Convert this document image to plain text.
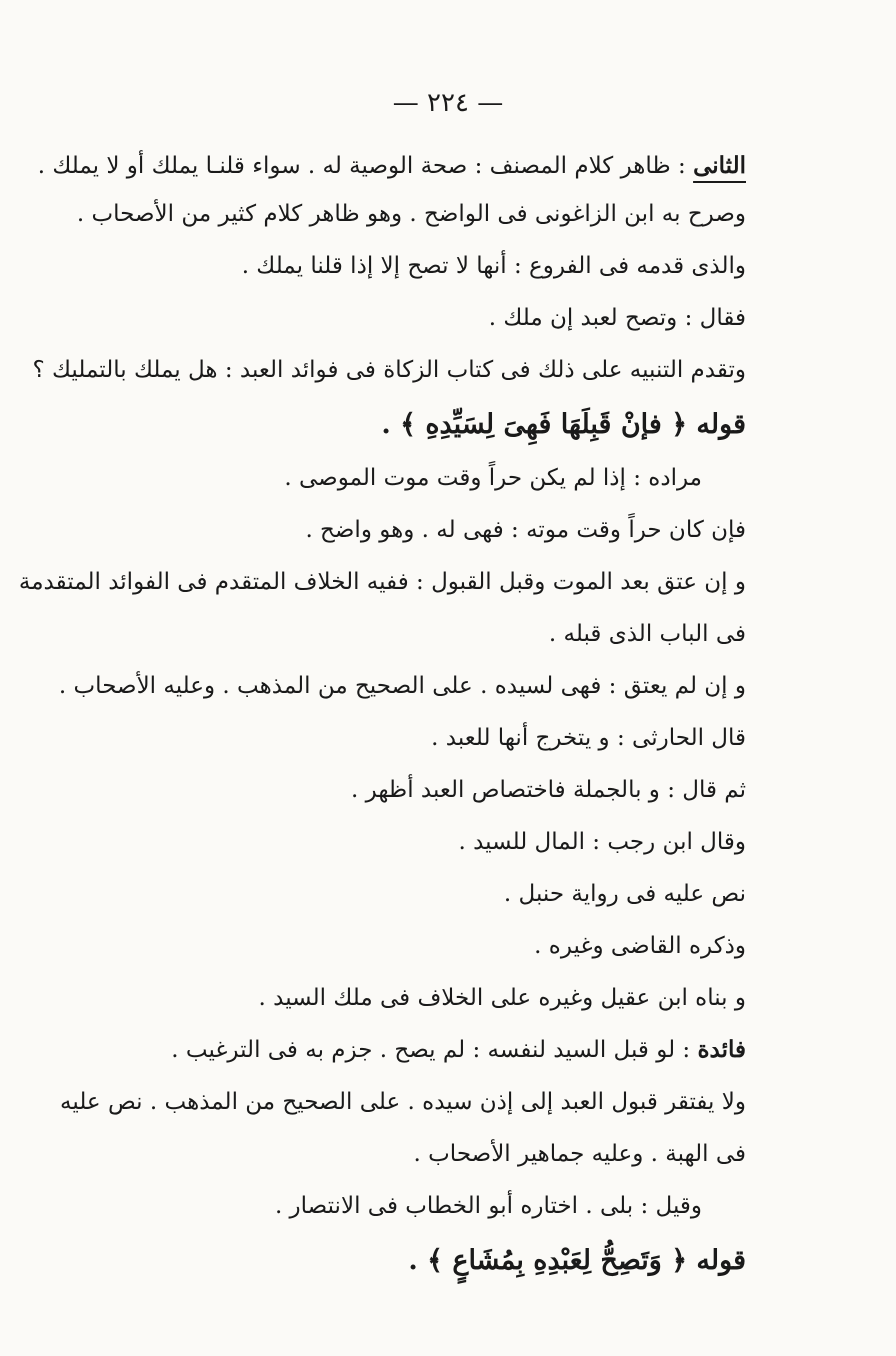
— ٢٢٤ —

الثانى : ظاهر كلام المصنف : صحة الوصية له . سواء قلنـا يملك أو لا يملك .

وصرح به ابن الزاغونى فى الواضح . وهو ظاهر كلام كثير من الأصحاب .

والذى قدمه فى الفروع : أنها لا تصح إلا إذا قلنا يملك .

فقال : وتصح لعبد إن ملك .

وتقدم التنبيه على ذلك فى كتاب الزكاة فى فوائد العبد : هل يملك بالتمليك ؟

قوله ﴿ فإنْ قَبِلَهَا فَهِىَ لِسَيِّدِهِ ﴾ .

مراده : إذا لم يكن حراً وقت موت الموصى .

فإن كان حراً وقت موته : فهى له . وهو واضح .

و إن عتق بعد الموت وقبل القبول : ففيه الخلاف المتقدم فى الفوائد المتقدمة

فى الباب الذى قبله .

و إن لم يعتق : فهى لسيده . على الصحيح من المذهب . وعليه الأصحاب .

قال الحارثى : و يتخرج أنها للعبد .

ثم قال : و بالجملة فاختصاص العبد أظهر .

وقال ابن رجب : المال للسيد .

نص عليه فى رواية حنبل .

وذكره القاضى وغيره .

و بناه ابن عقيل وغيره على الخلاف فى ملك السيد .

فائدة : لو قبل السيد لنفسه : لم يصح . جزم به فى الترغيب .

ولا يفتقر قبول العبد إلى إذن سيده . على الصحيح من المذهب . نص عليه

فى الهبة . وعليه جماهير الأصحاب .

وقيل : بلى . اختاره أبو الخطاب فى الانتصار .

قوله ﴿ وَتَصِحُّ لِعَبْدِهِ بِمُشَاعٍ ﴾ .
